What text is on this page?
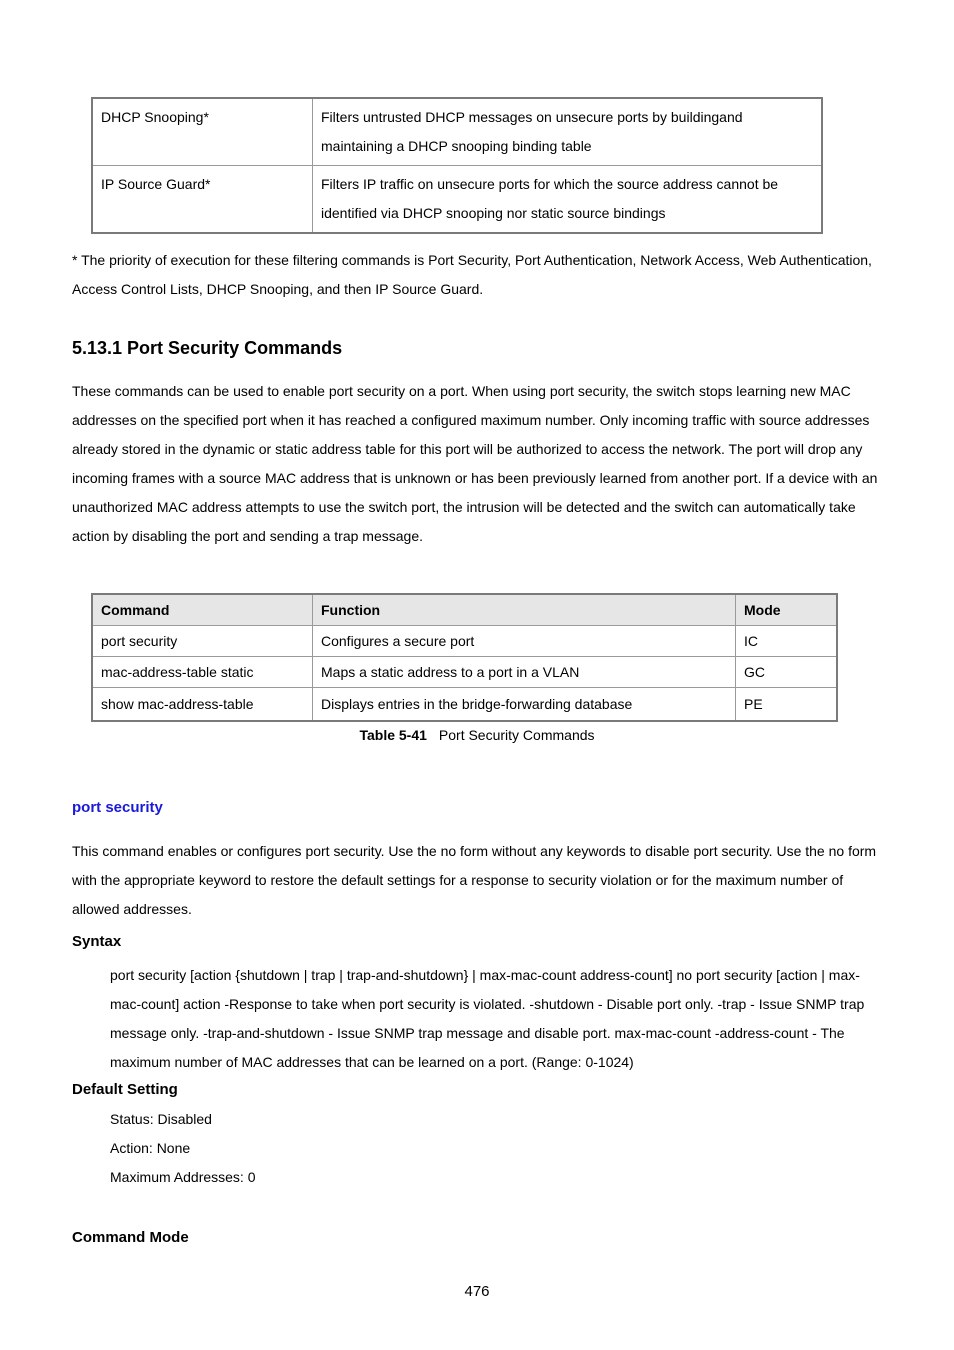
DHCP Snooping*	Filters untrusted DHCP messages on unsecure ports by buildingand maintaining a DHCP snooping binding table
IP Source Guard*	Filters IP traffic on unsecure ports for which the source address cannot be identified via DHCP snooping nor static source bindings
* The priority of execution for these filtering commands is Port Security, Port Authentication, Network Access, Web Authentication, Access Control Lists, DHCP Snooping, and then IP Source Guard.
5.13.1 Port Security Commands
These commands can be used to enable port security on a port. When using port security, the switch stops learning new MAC addresses on the specified port when it has reached a configured maximum number. Only incoming traffic with source addresses already stored in the dynamic or static address table for this port will be authorized to access the network. The port will drop any incoming frames with a source MAC address that is unknown or has been previously learned from another port. If a device with an unauthorized MAC address attempts to use the switch port, the intrusion will be detected and the switch can automatically take action by disabling the port and sending a trap message.
Command	Function	Mode
port security	Configures a secure port	IC
mac-address-table static	Maps a static address to a port in a VLAN	GC
show mac-address-table	Displays entries in the bridge-forwarding database	PE
Table 5-41 Port Security Commands
port security
This command enables or configures port security. Use the no form without any keywords to disable port security. Use the no form with the appropriate keyword to restore the default settings for a response to security violation or for the maximum number of allowed addresses.
Syntax
port security [action {shutdown | trap | trap-and-shutdown} | max-mac-count address-count] no port security [action | max-mac-count] action -Response to take when port security is violated. -shutdown - Disable port only. -trap - Issue SNMP trap message only. -trap-and-shutdown - Issue SNMP trap message and disable port. max-mac-count -address-count - The maximum number of MAC addresses that can be learned on a port. (Range: 0-1024)
Default Setting
Status: Disabled
Action: None
Maximum Addresses: 0
Command Mode
476
